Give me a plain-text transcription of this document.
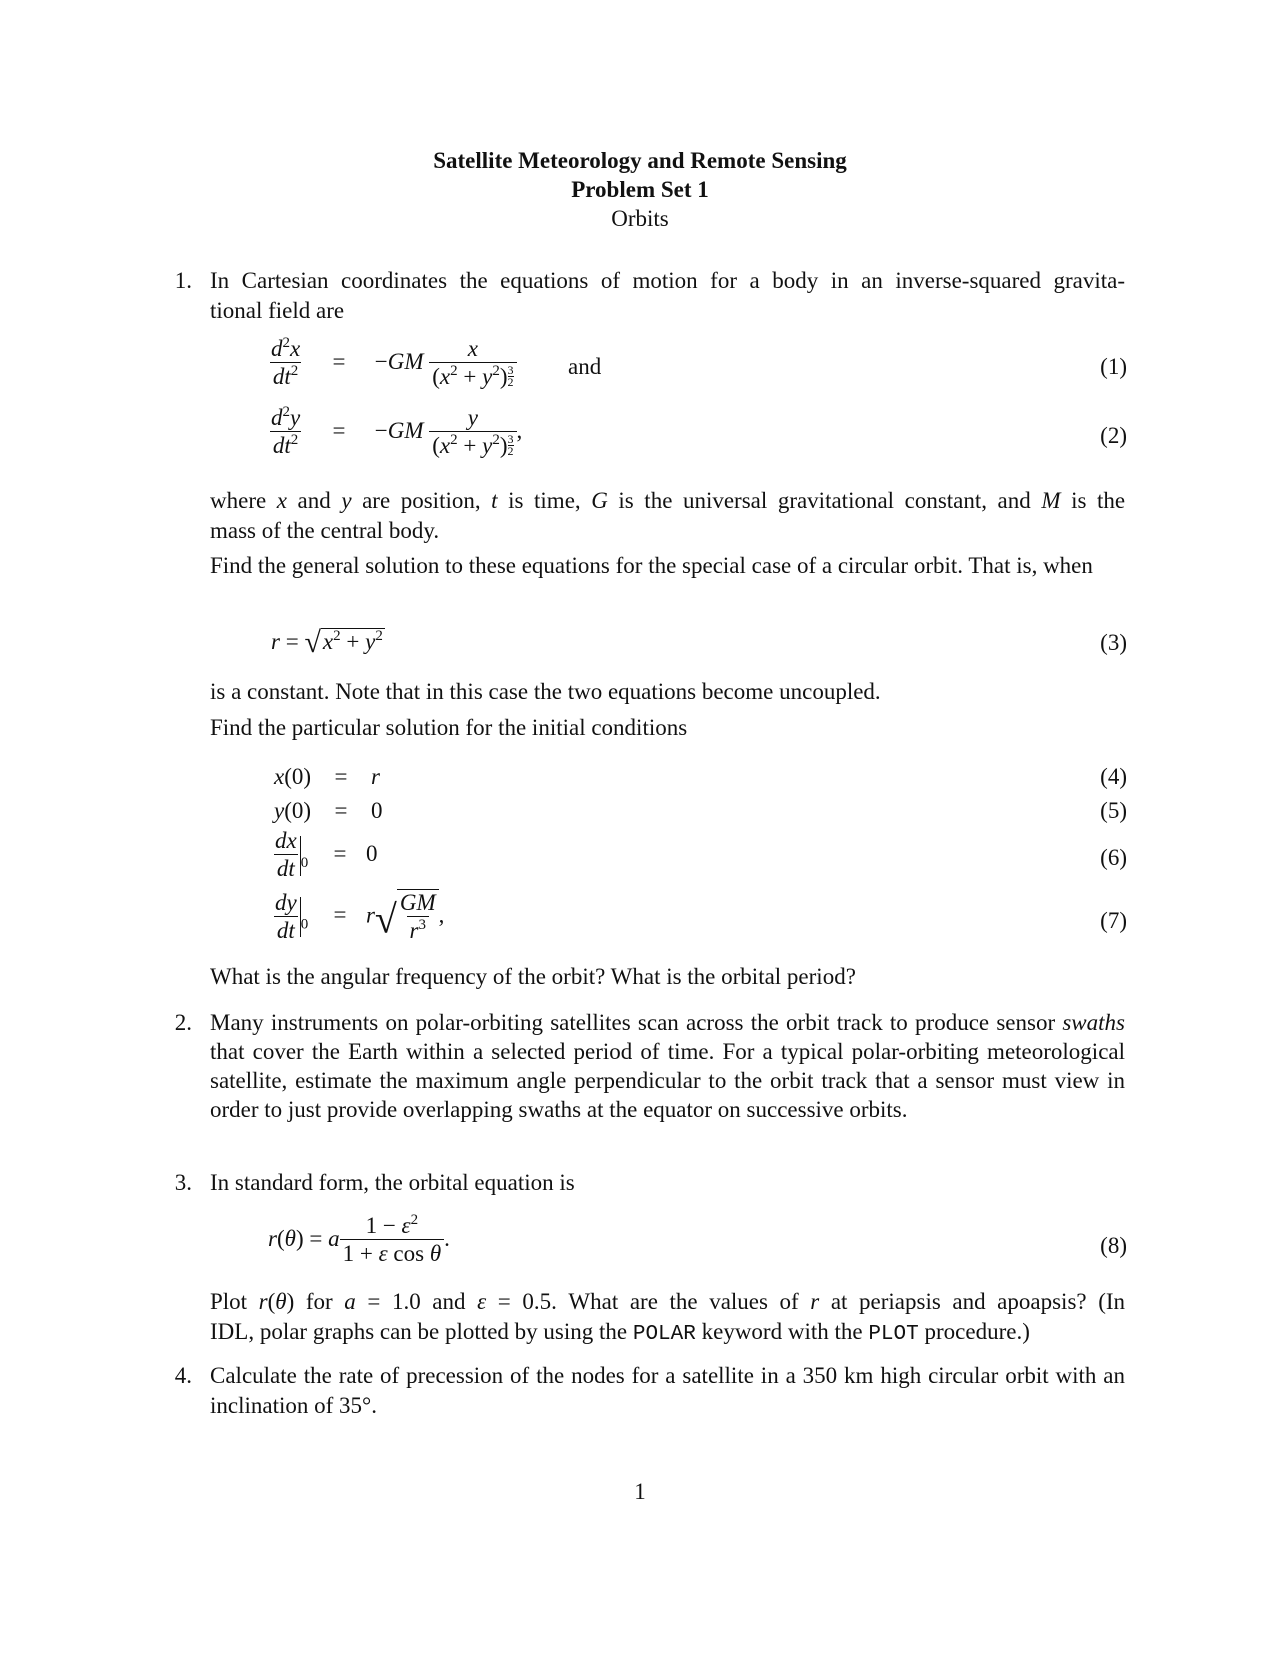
Satellite Meteorology and Remote Sensing
Problem Set 1
Orbits
1. In Cartesian coordinates the equations of motion for a body in an inverse-squared gravita-
tional field are
$\frac{d^2x}{dt^2} = -GM \frac{x}{(x^2 + y^2) \frac{3}{2}}$ and	(1)
$\frac{d^2y}{dt^2} = -GM \frac{y}{(x^2 + y^2) \frac{3}{2}}$ ,	(2)
where x and y are position, t is time, G is the universal gravitational constant, and M is the
mass of the central body.
Find the general solution to these equations for the special case of a circular orbit. That is, when
$r = √x^2 + y^2$	(3)
is a constant. Note that in this case the two equations become uncoupled.
Find the particular solution for the initial conditions
x(0) = r	(4)
y(0) = 0	(5)
$\frac{dx}{dt} _0 = 0$	(6)
$\frac{dy}{dt} _0 = r√ \frac{GM}{r^3}$ ,	(7)
What is the angular frequency of the orbit? What is the orbital period?
2. Many instruments on polar-orbiting satellites scan across the orbit track to produce sensor swaths that cover the Earth within a selected period of time. For a typical polar-orbiting meteorological satellite, estimate the maximum angle perpendicular to the orbit track that a sensor must view in order to just provide overlapping swaths at the equator on successive orbits.
3. In standard form, the orbital equation is
r(θ) = a $\frac{1 - \varepsilon^2}{\text{1 + ε cos θ}}$ .	(8)
Plot r(θ) for a = 1.0 and ε = 0.5. What are the values of r at periapsis and apoapsis? (In
IDL, polar graphs can be plotted by using the POLAR keyword with the PLOT procedure.)
4. Calculate the rate of precession of the nodes for a satellite in a 350 km high circular orbit with an inclination of 35°.
1
